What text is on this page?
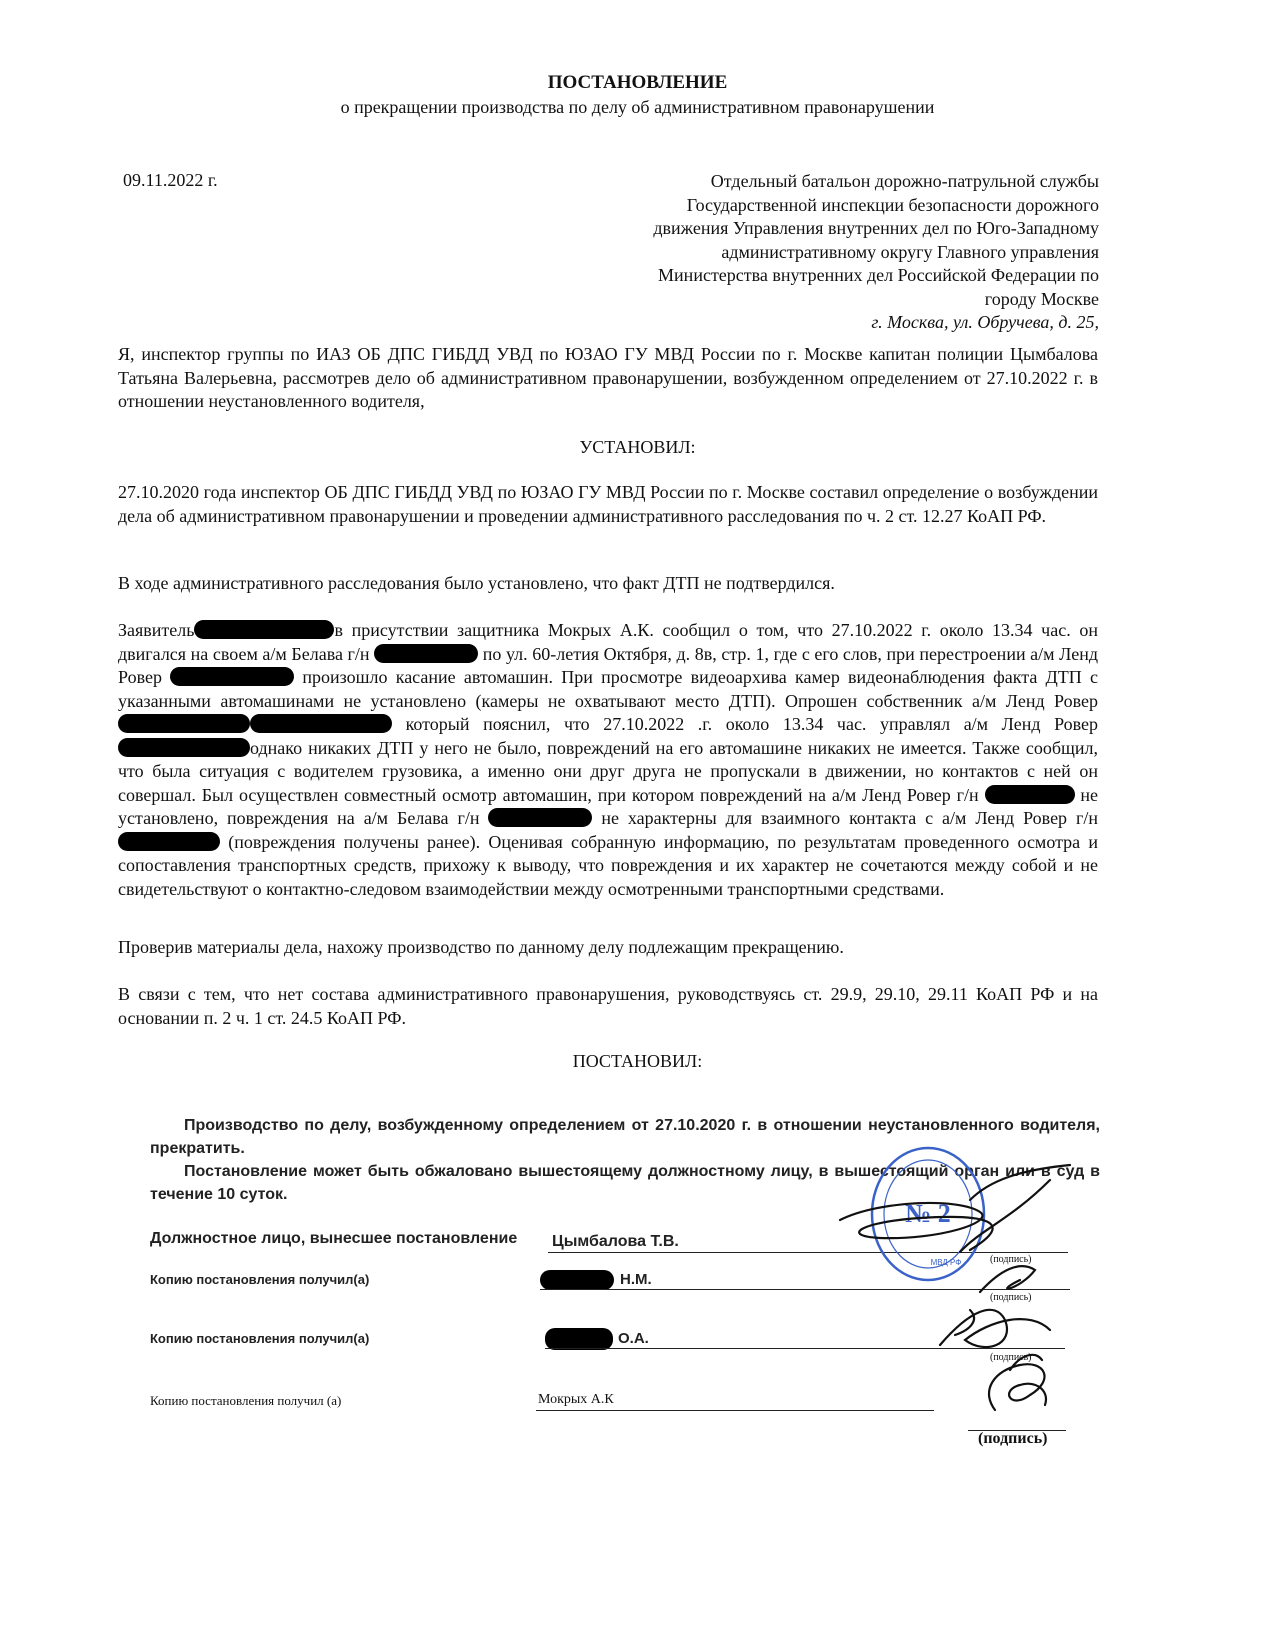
ПОСТАНОВЛЕНИЕ
о прекращении производства по делу об административном правонарушении
09.11.2022 г.	Отдельный батальон дорожно-патрульной службы
Государственной инспекции безопасности дорожного
движения Управления внутренних дел по Юго-Западному
административному округу Главного управления
Министерства внутренних дел Российской Федерации по
городу Москве
г. Москва, ул. Обручева, д. 25,
Я, инспектор группы по ИАЗ ОБ ДПС ГИБДД УВД по ЮЗАО ГУ МВД России по г. Москве капитан полиции Цымбалова Татьяна Валерьевна, рассмотрев дело об административном правонарушении, возбужденном определением от 27.10.2022 г. в отношении неустановленного водителя,
УСТАНОВИЛ:
27.10.2020 года инспектор ОБ ДПС ГИБДД УВД по ЮЗАО ГУ МВД России по г. Москве составил определение о возбуждении дела об административном правонарушении и проведении административного расследования по ч. 2 ст. 12.27 КоАП РФ.
В ходе административного расследования было установлено, что факт ДТП не подтвердился.
Заявитель	в присутствии защитника Мокрых А.К. сообщил о том, что 27.10.2022 г. около 13.34 час. он двигался на своем а/м Белава г/н	по ул. 60-летия Октября, д. 8в, стр. 1, где с его слов, при перестроении а/м Ленд Ровер	произошло касание автомашин. При просмотре видеоархива камер видеонаблюдения факта ДТП с указанными автомашинами не установлено (камеры не охватывают место ДТП). Опрошен собственник а/м Ленд Ровер  который пояснил, что 27.10.2022 .г. около 13.34 час. управлял а/м Ленд Ровер однако никаких ДТП у него не было, повреждений на его автомашине никаких не имеется. Также сообщил, что была ситуация с водителем грузовика, а именно они друг друга не пропускали в движении, но контактов с ней он совершал. Был осуществлен совместный осмотр автомашин, при котором повреждений на а/м Ленд Ровер г/н	не установлено, повреждения на а/м Белава г/н	не характерны для взаимного контакта с а/м Ленд Ровер г/н  (повреждения получены ранее). Оценивая собранную информацию, по результатам проведенного осмотра и сопоставления транспортных средств, прихожу к выводу, что повреждения и их характер не сочетаются между собой и не свидетельствуют о контактно-следовом взаимодействии между осмотренными транспортными средствами.
Проверив материалы дела, нахожу производство по данному делу подлежащим прекращению.
В связи с тем, что нет состава административного правонарушения, руководствуясь ст. 29.9, 29.10, 29.11 КоАП РФ и на основании п. 2 ч. 1 ст. 24.5 КоАП РФ.
ПОСТАНОВИЛ:

Производство по делу, возбужденному определением от 27.10.2020 г. в отношении неустановленного водителя, прекратить.

Постановление может быть обжаловано вышестоящему должностному лицу, в вышестоящий орган или в суд в течение 10 суток.

Должностное лицо, вынесшее постановление Цымбалова Т.В.
(подпись)
Копию постановления получил(а)	Н.М.
(подпись)
Копию постановления получил(а)	О.А.
(подпись)
Копию постановления получил (а)	Мокрых А.К
(подпись)
№ 2
МВД РФ
